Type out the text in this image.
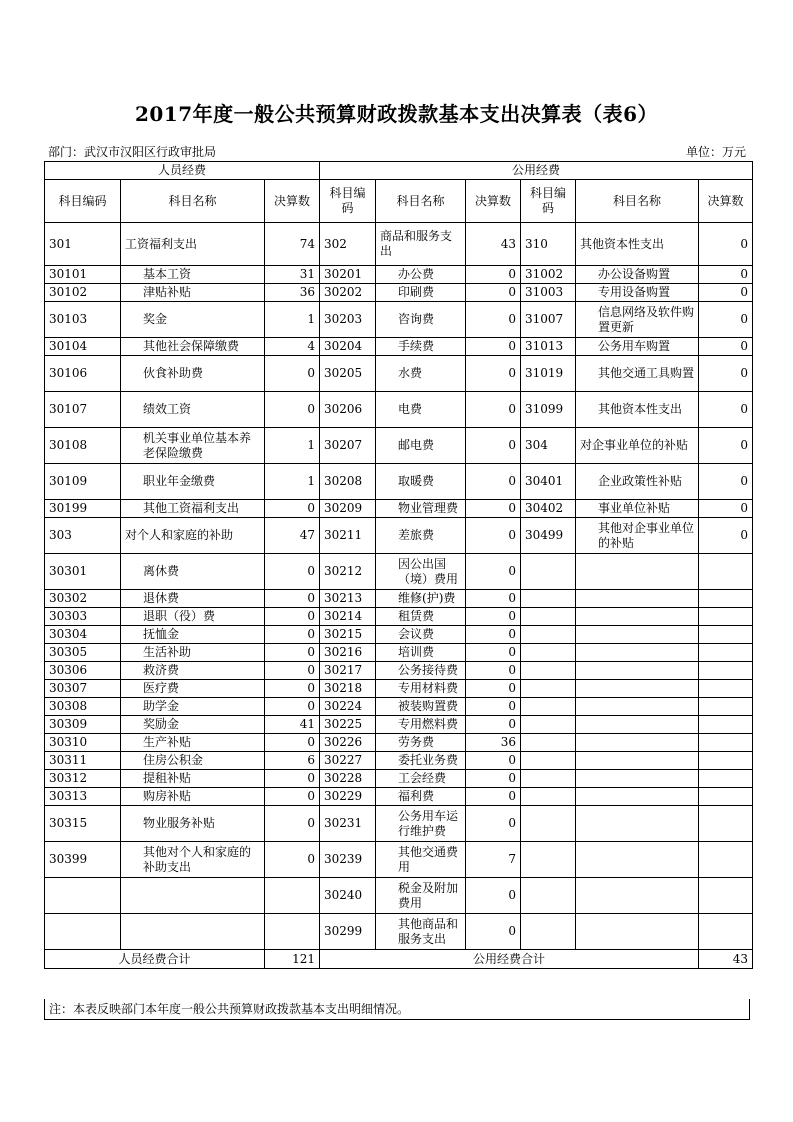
2017年度一般公共预算财政拨款基本支出决算表（表6）
部门：武汉市汉阳区行政审批局	单位：万元
人员经费			公用经费					
科目编码	科目名称	决算数	科目编码	科目名称	决算数	科目编码	科目名称	决算数
301	工资福利支出	74	302	商品和服务支出	43	310	其他资本性支出	0
30101	基本工资	31	30201	办公费	0	31002	办公设备购置	0
30102	津贴补贴	36	30202	印刷费	0	31003	专用设备购置	0
30103	奖金	1	30203	咨询费	0	31007	信息网络及软件购置更新	0
30104	其他社会保障缴费	4	30204	手续费	0	31013	公务用车购置	0
30106	伙食补助费	0	30205	水费	0	31019	其他交通工具购置	0
30107	绩效工资	0	30206	电费	0	31099	其他资本性支出	0
30108	机关事业单位基本养老保险缴费	1	30207	邮电费	0	304	对企事业单位的补贴	0
30109	职业年金缴费	1	30208	取暖费	0	30401	企业政策性补贴	0
30199	其他工资福利支出	0	30209	物业管理费	0	30402	事业单位补贴	0
303	对个人和家庭的补助	47	30211	差旅费	0	30499	其他对企事业单位的补贴	0
30301	离休费	0	30212	因公出国（境）费用	0			
30302	退休费	0	30213	维修(护)费	0			
30303	退职（役）费	0	30214	租赁费	0			
30304	抚恤金	0	30215	会议费	0			
30305	生活补助	0	30216	培训费	0			
30306	救济费	0	30217	公务接待费	0			
30307	医疗费	0	30218	专用材料费	0			
30308	助学金	0	30224	被装购置费	0			
30309	奖励金	41	30225	专用燃料费	0			
30310	生产补贴	0	30226	劳务费	36			
30311	住房公积金	6	30227	委托业务费	0			
30312	提租补贴	0	30228	工会经费	0			
30313	购房补贴	0	30229	福利费	0			
30315	物业服务补贴	0	30231	公务用车运行维护费	0			
30399	其他对个人和家庭的补助支出	0	30239	其他交通费用	7			
			30240	税金及附加费用	0			
			30299	其他商品和服务支出	0			
人员经费合计		121	公用经费合计					43
注：本表反映部门本年度一般公共预算财政拨款基本支出明细情况。
